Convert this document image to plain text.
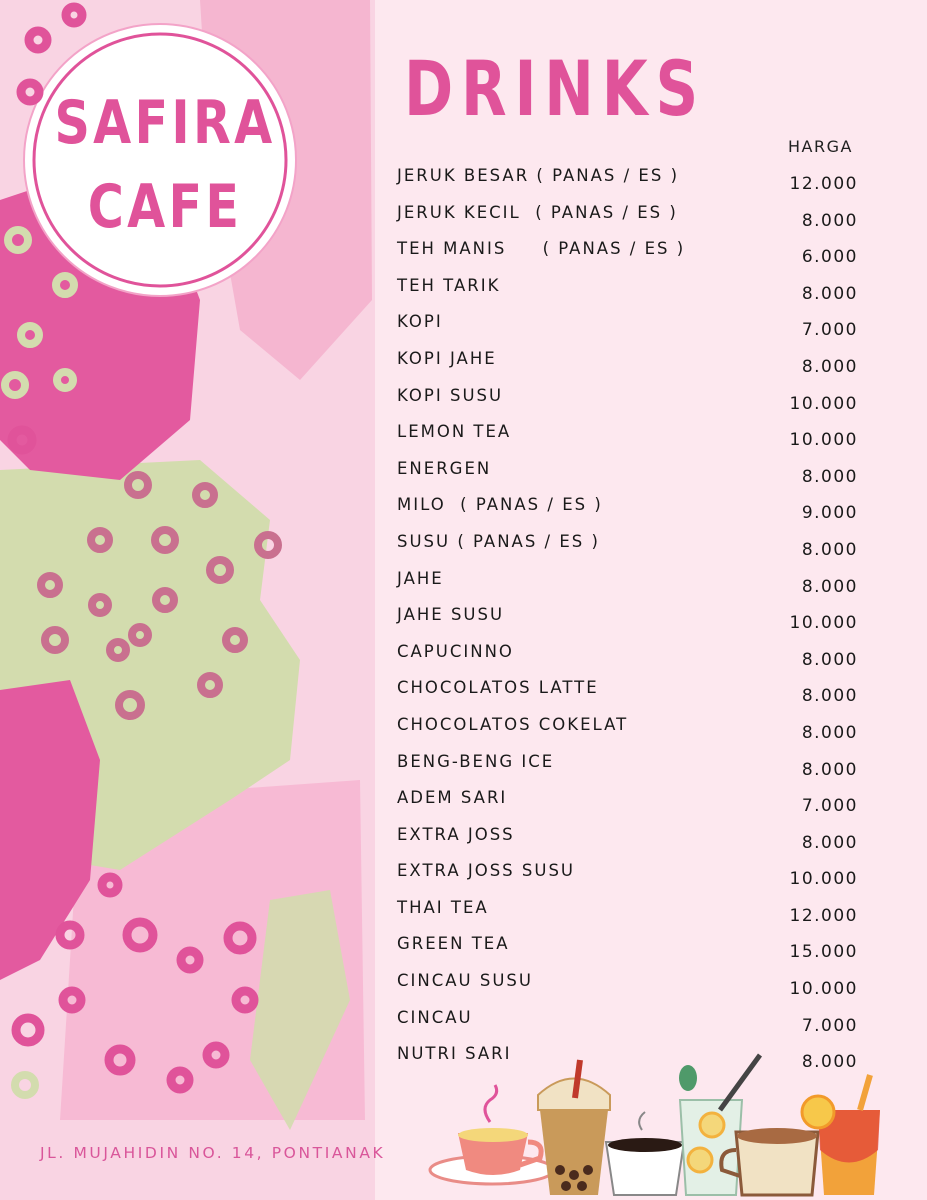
SAFIRA
CAFE
DRINKS
HARGA
JERUK BESAR ( PANAS / ES )	12.000
JERUK KECIL  ( PANAS / ES )	8.000
TEH MANIS     ( PANAS / ES )	6.000
TEH TARIK	8.000
KOPI	7.000
KOPI JAHE	8.000
KOPI SUSU	10.000
LEMON TEA	10.000
ENERGEN	8.000
MILO  ( PANAS / ES )	9.000
SUSU ( PANAS / ES )	8.000
JAHE	8.000
JAHE SUSU	10.000
CAPUCINNO	8.000
CHOCOLATOS LATTE	8.000
CHOCOLATOS COKELAT	8.000
BENG-BENG ICE	8.000
ADEM SARI	7.000
EXTRA JOSS	8.000
EXTRA JOSS SUSU	10.000
THAI TEA	12.000
GREEN TEA	15.000
CINCAU SUSU	10.000
CINCAU	7.000
NUTRI SARI	8.000
JL. MUJAHIDIN NO. 14, PONTIANAK
